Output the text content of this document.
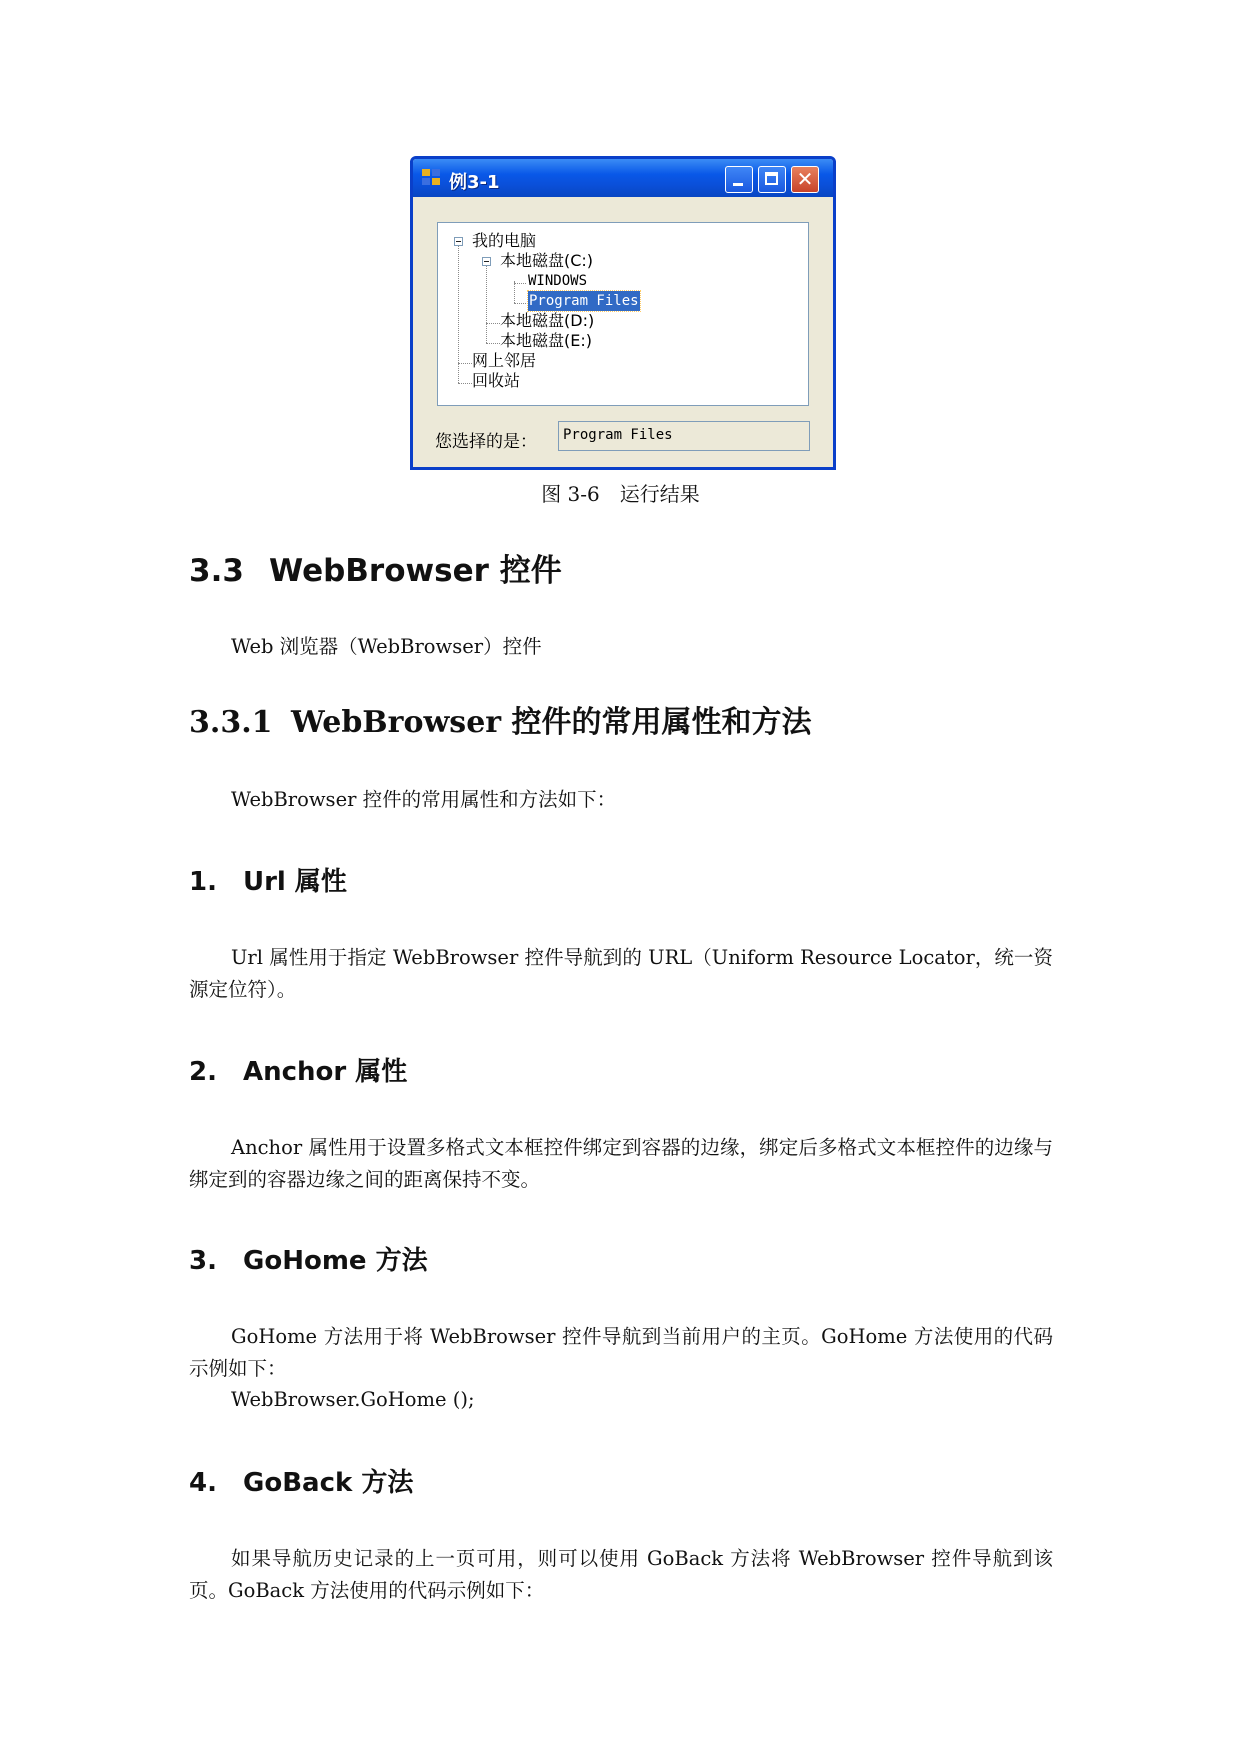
例3-1	✕
我的电脑
本地磁盘(C:)
WINDOWS
Program Files
本地磁盘(D:)
本地磁盘(E:)
网上邻居
回收站
您选择的是：	Program Files
图 3-6　运行结果
3.3 WebBrowser 控件

Web 浏览器（WebBrowser）控件

3.3.1 WebBrowser 控件的常用属性和方法

WebBrowser 控件的常用属性和方法如下：

1. Url 属性

Url 属性用于指定 WebBrowser 控件导航到的 URL（Uniform Resource Locator，统一资源定位符）。

2. Anchor 属性

Anchor 属性用于设置多格式文本框控件绑定到容器的边缘，绑定后多格式文本框控件的边缘与绑定到的容器边缘之间的距离保持不变。

3. GoHome 方法

GoHome 方法用于将 WebBrowser 控件导航到当前用户的主页。GoHome 方法使用的代码示例如下：

WebBrowser.GoHome ();
4. GoBack 方法

如果导航历史记录的上一页可用，则可以使用 GoBack 方法将 WebBrowser 控件导航到该页。GoBack 方法使用的代码示例如下：
